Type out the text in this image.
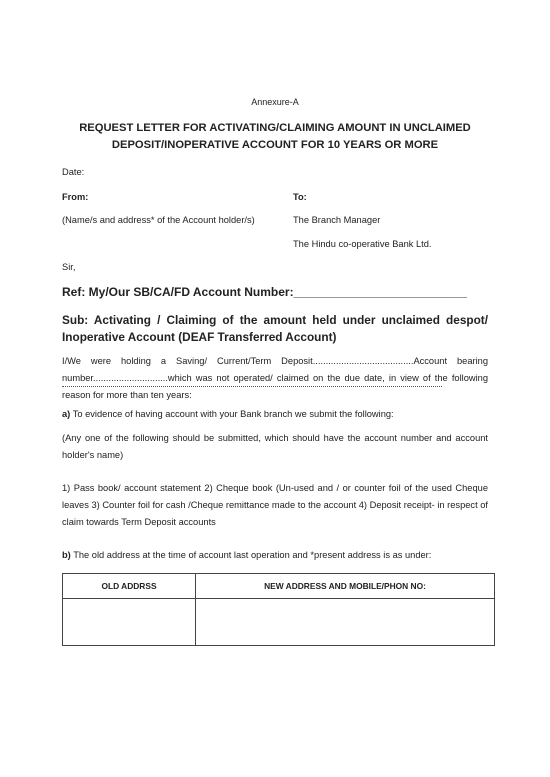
Annexure-A
REQUEST LETTER FOR ACTIVATING/CLAIMING AMOUNT IN UNCLAIMED DEPOSIT/INOPERATIVE ACCOUNT FOR 10 YEARS OR MORE
Date:
From:	To:
(Name/s and address* of the Account holder/s)	The Branch Manager
The Hindu co-operative Bank Ltd.
Sir,
Ref: My/Our SB/CA/FD Account Number:__________________________
Sub: Activating / Claiming of the amount held under unclaimed despot/ Inoperative Account (DEAF Transferred Account)
I/We were holding a Saving/ Current/Term Deposit.......................................Account bearing number.............................which was not operated/ claimed on the due date, in view of the following reason for more than ten years:
a) To evidence of having account with your Bank branch we submit the following:
(Any one of the following should be submitted, which should have the account number and account holder's name)
1) Pass book/ account statement 2) Cheque book (Un-used and / or counter foil of the used Cheque leaves 3) Counter foil for cash /Cheque remittance made to the account 4) Deposit receipt- in respect of claim towards Term Deposit accounts
b) The old address at the time of account last operation and *present address is as under:
OLD ADDRSS	NEW ADDRESS AND MOBILE/PHON NO:
